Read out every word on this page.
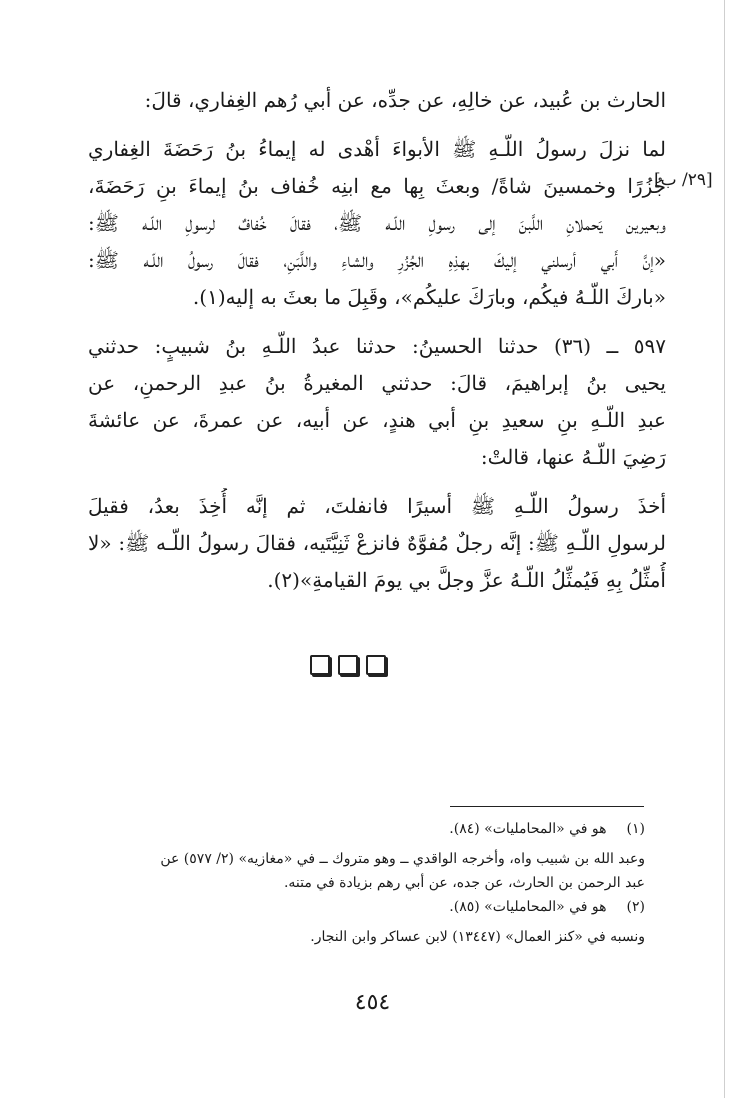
الحارث بن عُبيد، عن خالِهِ، عن جدِّه، عن أبي رُهم الغِفاري، قالَ:
لما نزلَ رسولُ اللّـهِ ﷺ الأبواءَ أهْدى له إيماءُ بنُ رَحَضَةَ الغِفاري
جُزُرًا وخمسينَ شاةً/ وبعثَ بِها مع ابنِه خُفاف بنُ إيماءَ بنِ رَحَضَةَ،
وبعيرين يَحملانِ اللَّبنَ إلى رسولِ اللّـه ﷺ، فقالَ خُفافٌ لرسولِ اللّـه ﷺ:
«إنَّ أَبي أرسلني إليكَ بهذِهِ الجُزُرِ والشاءِ واللَّبَنِ، فقالَ رسولُ اللّـه ﷺ:
«باركَ اللّـهُ فيكُم، وبارَكَ عليكُم»، وقَبِلَ ما بعثَ به إليه(١).
٥٩٧ ــ (٣٦) حدثنا الحسينُ: حدثنا عبدُ اللّـهِ بنُ شبيبٍ: حدثني
يحيى بنُ إبراهيمَ، قالَ: حدثني المغيرةُ بنُ عبدِ الرحمنِ، عن
عبدِ اللّـهِ بنِ سعيدِ بنِ أبي هندٍ، عن أبيه، عن عمرةَ، عن عائشةَ
رَضِيَ اللّـهُ عنها، قالتْ:
أخذَ رسولُ اللّـهِ ﷺ أسيرًا فانفلتَ، ثم إنَّه أُخِذَ بعدُ، فقيلَ
لرسولِ اللّـهِ ﷺ: إنَّه رجلٌ مُفوَّهٌ فانزعْ ثَنِيَّتَيه، فقالَ رسولُ اللّـه ﷺ: «لا
أُمثِّلُ بِهِ فَيُمثِّلُ اللّـهُ عزَّ وجلَّ بي يومَ القيامةِ»(٢).
[٢٩/ ب]
(١) هو في «المحامليات» (٨٤).
وعبد الله بن شبيب واه، وأخرجه الواقدي ــ وهو متروك ــ في «مغازيه» (٢/ ٥٧٧) عن
عبد الرحمن بن الحارث، عن جده، عن أبي رهم بزيادة في متنه.
(٢) هو في «المحامليات» (٨٥).
ونسبه في «كنز العمال» (١٣٤٤٧) لابن عساكر وابن النجار.
٤٥٤
